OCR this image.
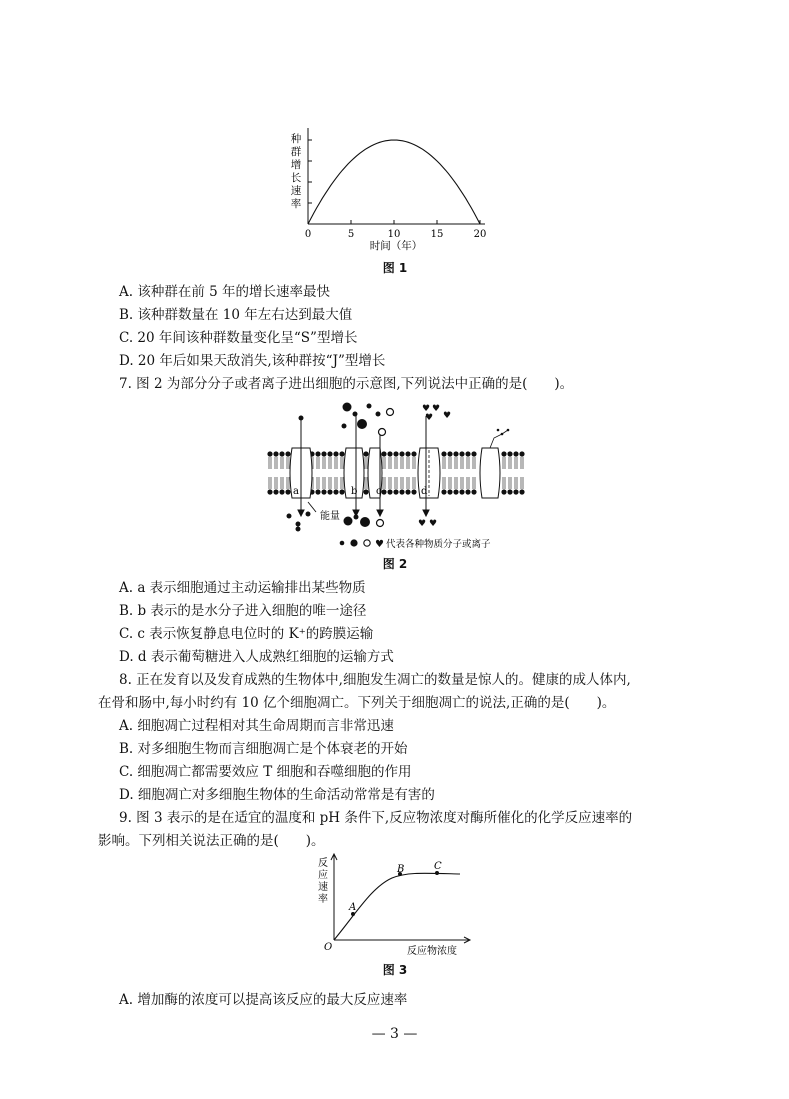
种
群
增
长
速
率
0	5	10	15	20
时间（年）
图 1
A. 该种群在前 5 年的增长速率最快
B. 该种群数量在 10 年左右达到最大值
C. 20 年间该种群数量变化呈“S”型增长
D. 20 年后如果天敌消失,该种群按“J”型增长
7. 图 2 为部分分子或者离子进出细胞的示意图,下列说法中正确的是(　　)。
♥ ♥
♥
♥
♥ ♥
a	b c	d
能量
♥ 代表各种物质分子或离子
图 2
A. a 表示细胞通过主动运输排出某些物质
B. b 表示的是水分子进入细胞的唯一途径
C. c 表示恢复静息电位时的 K⁺的跨膜运输
D. d 表示葡萄糖进入人成熟红细胞的运输方式
8. 正在发育以及发育成熟的生物体中,细胞发生凋亡的数量是惊人的。健康的成人体内,
在骨和肠中,每小时约有 10 亿个细胞凋亡。下列关于细胞凋亡的说法,正确的是(　　)。
A. 细胞凋亡过程相对其生命周期而言非常迅速
B. 对多细胞生物而言细胞凋亡是个体衰老的开始
C. 细胞凋亡都需要效应 T 细胞和吞噬细胞的作用
D. 细胞凋亡对多细胞生物体的生命活动常常是有害的
9. 图 3 表示的是在适宜的温度和 pH 条件下,反应物浓度对酶所催化的化学反应速率的
影响。下列相关说法正确的是(　　)。
反
应
速
率
A
B	C
O	反应物浓度
图 3
A. 增加酶的浓度可以提高该反应的最大反应速率
— 3 —
